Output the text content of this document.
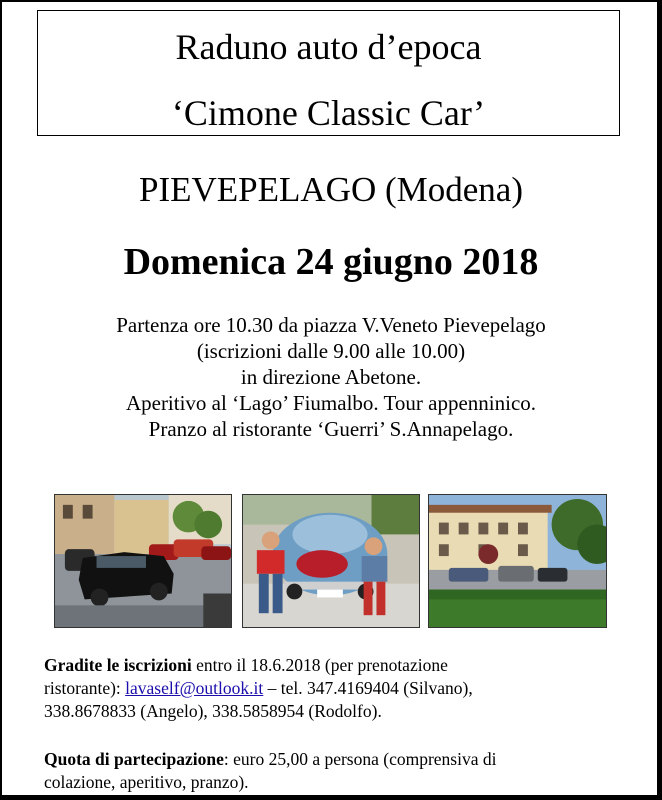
Raduno auto d’epoca
‘Cimone Classic Car’
PIEVEPELAGO (Modena)
Domenica 24 giugno 2018
Partenza ore 10.30 da piazza V.Veneto Pievepelago
(iscrizioni dalle 9.00 alle 10.00)
in direzione Abetone.
Aperitivo al ‘Lago’ Fiumalbo. Tour appenninico.
Pranzo al ristorante ‘Guerri’ S.Annapelago.
Gradite le iscrizioni entro il 18.6.2018 (per prenotazione
ristorante): lavaself@outlook.it – tel. 347.4169404 (Silvano),
338.8678833 (Angelo), 338.5858954 (Rodolfo).
Quota di partecipazione: euro 25,00 a persona (comprensiva di
colazione, aperitivo, pranzo).
